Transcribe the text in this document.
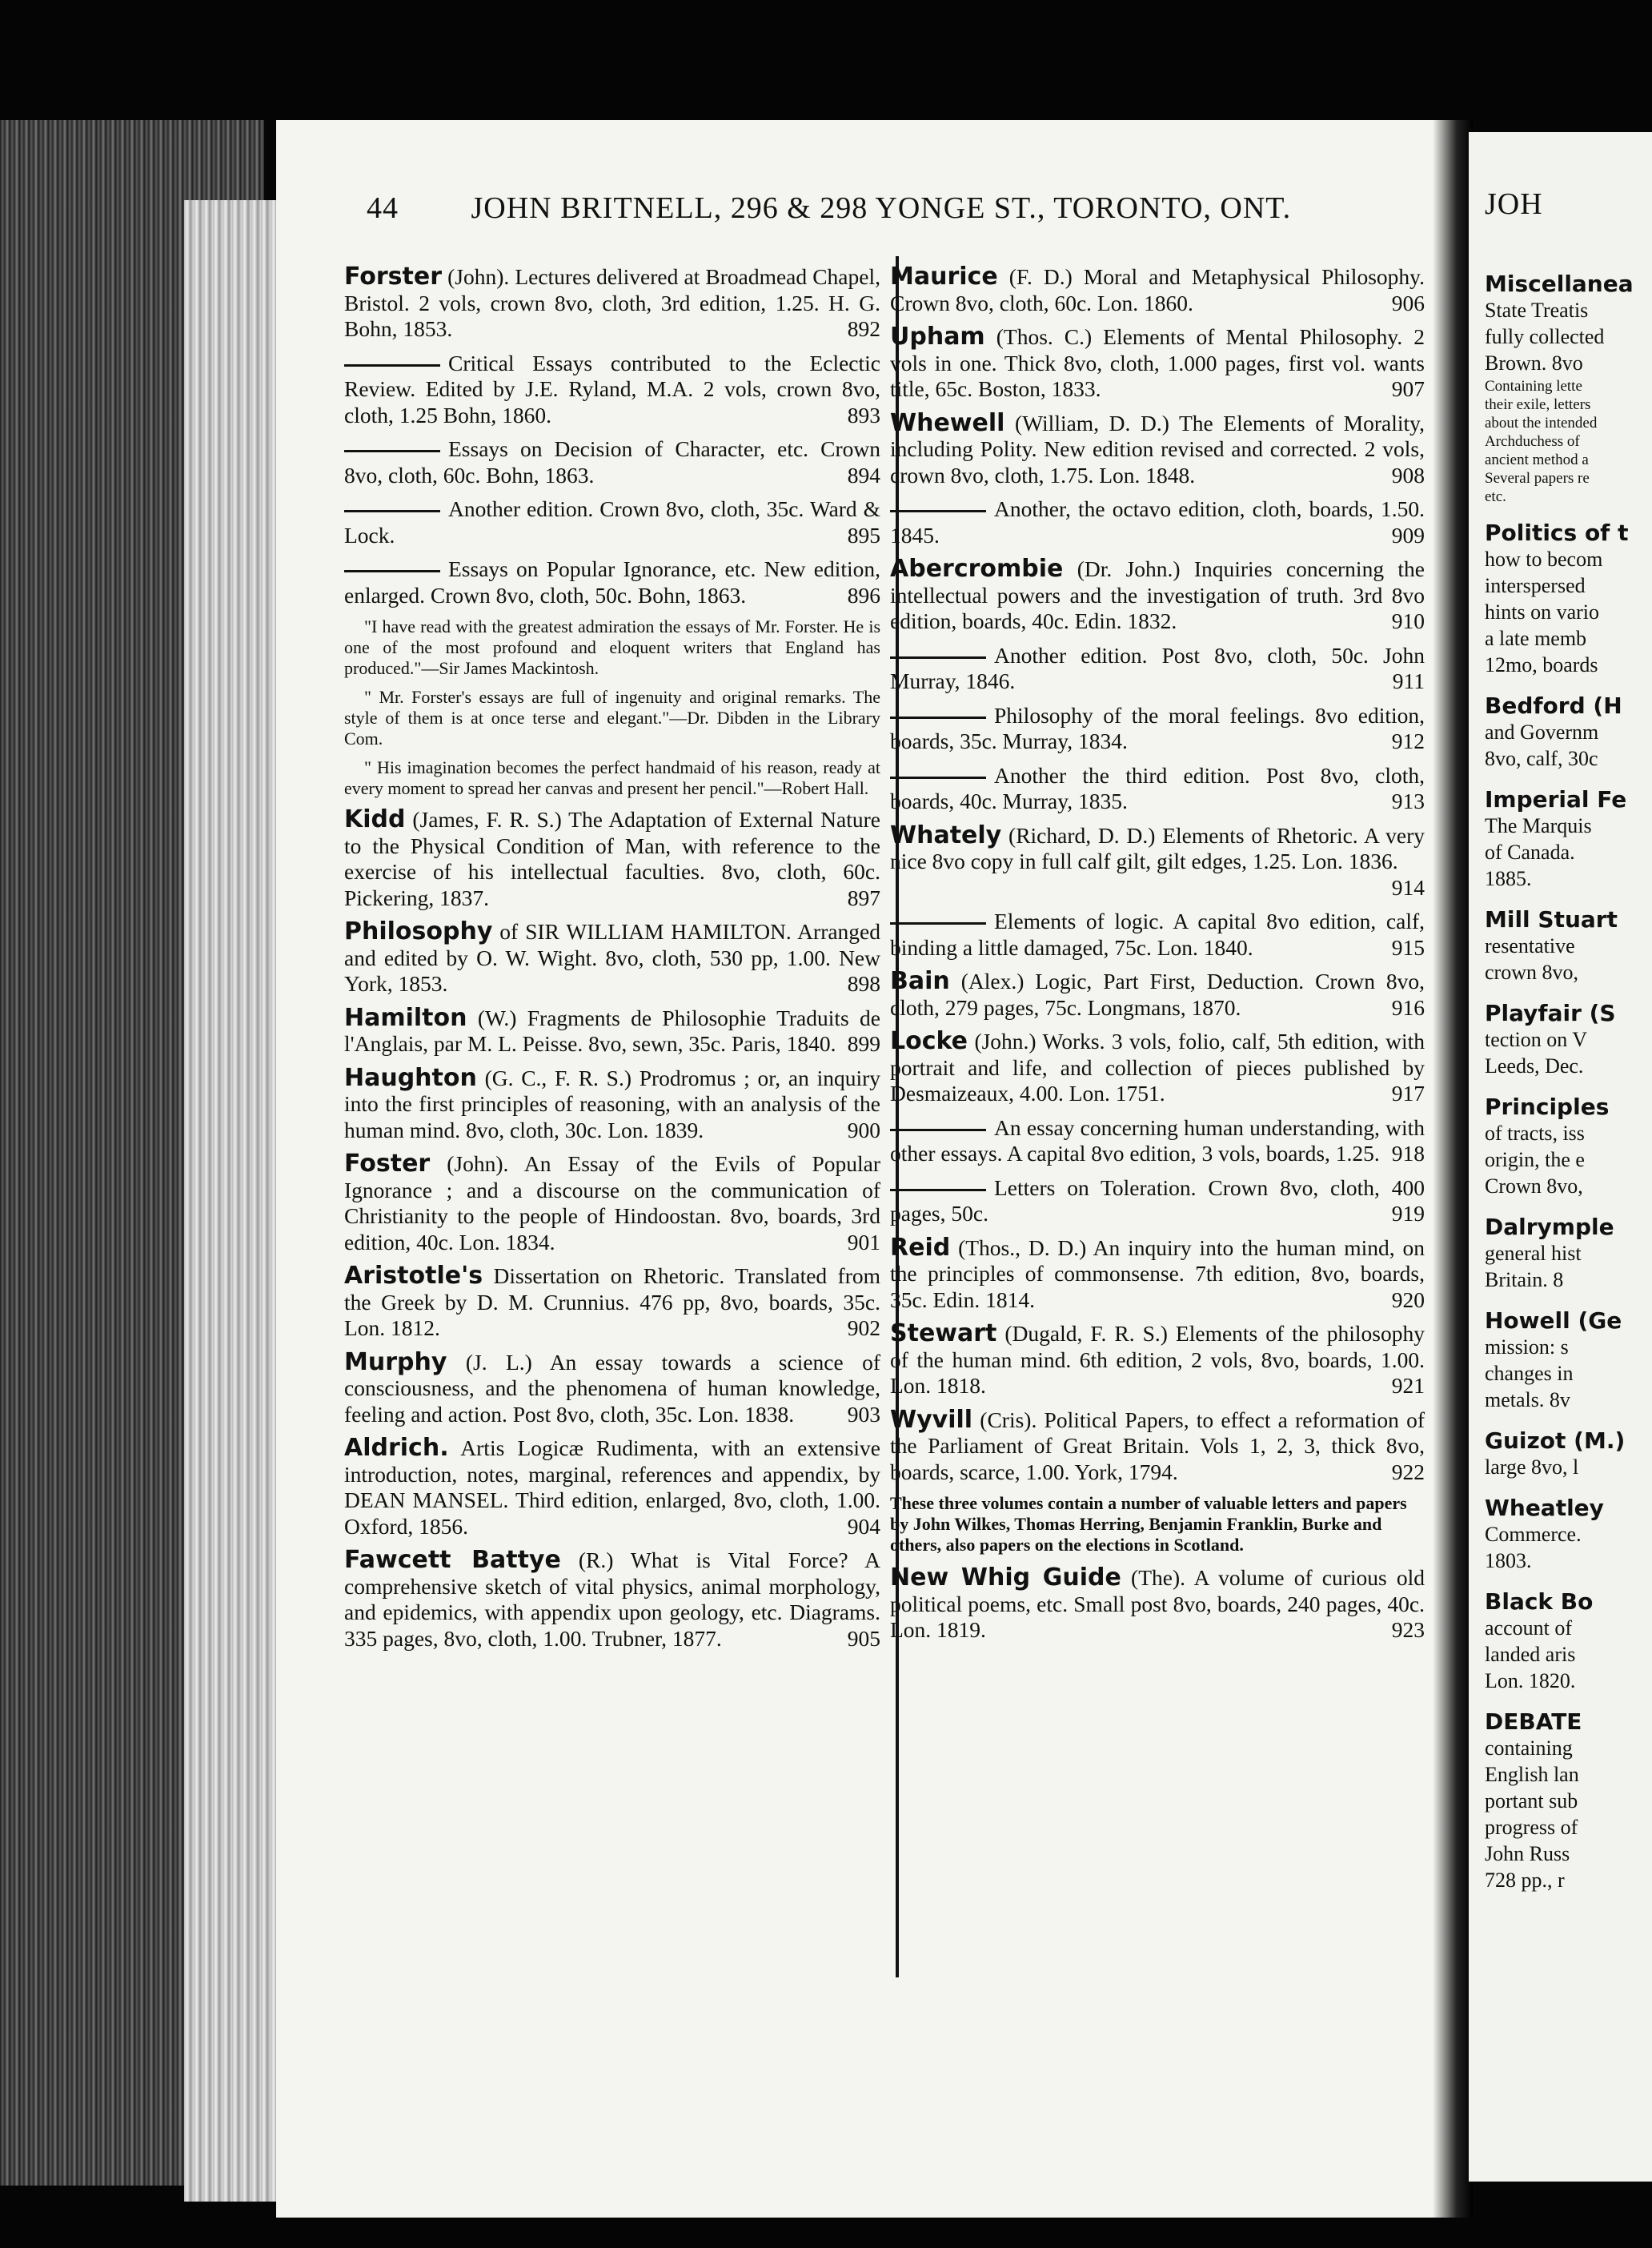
JOH
Miscellanea
State Treatis
fully collected
Brown. 8vo
Containing lette
their exile, letters
about the intended
Archduchess of
ancient method a
Several papers re
etc.
Politics of t
how to becom
interspersed
hints on vario
a late memb
12mo, boards
Bedford (H
and Governm
8vo, calf, 30c
Imperial Fe
The Marquis
of Canada.
1885.
Mill Stuart
resentative
crown 8vo,
Playfair (S
tection on V
Leeds, Dec.
Principles
of tracts, iss
origin, the e
Crown 8vo,
Dalrymple
general hist
Britain. 8
Howell (Ge
mission: s
changes in
metals. 8v
Guizot (M.)
large 8vo, l
Wheatley
Commerce.
1803.
Black Bo
account of
landed aris
Lon. 1820.
DEBATE
containing
English lan
portant sub
progress of
John Russ
728 pp., r
44 JOHN BRITNELL, 296 & 298 YONGE ST., TORONTO, ONT.
Forster (John). Lectures delivered at Broadmead Chapel, Bristol. 2 vols, crown 8vo, cloth, 3rd edition, 1.25. H. G. Bohn, 1853.	892
Critical Essays contributed to the Eclectic Review. Edited by J.E. Ryland, M.A. 2 vols, crown 8vo, cloth, 1.25 Bohn, 1860.	893
Essays on Decision of Character, etc. Crown 8vo, cloth, 60c. Bohn, 1863.	894
Another edition. Crown 8vo, cloth, 35c. Ward & Lock.	895
Essays on Popular Ignorance, etc. New edition, enlarged. Crown 8vo, cloth, 50c. Bohn, 1863.	896
"I have read with the greatest admiration the essays of Mr. Forster. He is one of the most profound and eloquent writers that England has produced."—Sir James Mackintosh.
" Mr. Forster's essays are full of ingenuity and original remarks. The style of them is at once terse and elegant."—Dr. Dibden in the Library Com.
" His imagination becomes the perfect handmaid of his reason, ready at every moment to spread her canvas and present her pencil."—Robert Hall.
Kidd (James, F. R. S.) The Adaptation of External Nature to the Physical Condition of Man, with reference to the exercise of his intellectual faculties. 8vo, cloth, 60c. Pickering, 1837.	897
Philosophy of SIR WILLIAM HAMILTON. Arranged and edited by O. W. Wight. 8vo, cloth, 530 pp, 1.00. New York, 1853.	898
Hamilton (W.) Fragments de Philosophie Traduits de l'Anglais, par M. L. Peisse. 8vo, sewn, 35c. Paris, 1840. 899
Haughton (G. C., F. R. S.) Prodromus ; or, an inquiry into the first principles of reasoning, with an analysis of the human mind. 8vo, cloth, 30c. Lon. 1839.	900
Foster (John). An Essay of the Evils of Popular Ignorance ; and a discourse on the communication of Christianity to the people of Hindoostan. 8vo, boards, 3rd edition, 40c. Lon. 1834.	901
Aristotle's Dissertation on Rhetoric. Translated from the Greek by D. M. Crunnius. 476 pp, 8vo, boards, 35c. Lon. 1812.	902
Murphy (J. L.) An essay towards a science of consciousness, and the phenomena of human knowledge, feeling and action. Post 8vo, cloth, 35c. Lon. 1838. 903
Aldrich. Artis Logicæ Rudimenta, with an extensive introduction, notes, marginal, references and appendix, by DEAN MANSEL. Third edition, enlarged, 8vo, cloth, 1.00. Oxford, 1856.	904
Fawcett Battye (R.) What is Vital Force? A comprehensive sketch of vital physics, animal morphology, and epidemics, with appendix upon geology, etc. Diagrams. 335 pages, 8vo, cloth, 1.00. Trubner, 1877.	905
Maurice (F. D.) Moral and Metaphysical Philosophy. Crown 8vo, cloth, 60c. Lon. 1860.	906
Upham (Thos. C.) Elements of Mental Philosophy. 2 vols in one. Thick 8vo, cloth, 1.000 pages, first vol. wants title, 65c. Boston, 1833.	907
Whewell (William, D. D.) The Elements of Morality, including Polity. New edition revised and corrected. 2 vols, crown 8vo, cloth, 1.75. Lon. 1848.	908
Another, the octavo edition, cloth, boards, 1.50. 1845.	909
Abercrombie (Dr. John.) Inquiries concerning the intellectual powers and the investigation of truth. 3rd 8vo edition, boards, 40c. Edin. 1832.	910
Another edition. Post 8vo, cloth, 50c. John Murray, 1846.	911
Philosophy of the moral feelings. 8vo edition, boards, 35c. Murray, 1834.	912
Another the third edition. Post 8vo, cloth, boards, 40c. Murray, 1835.	913
Whately (Richard, D. D.) Elements of Rhetoric. A very nice 8vo copy in full calf gilt, gilt edges, 1.25. Lon. 1836.
914
Elements of logic. A capital 8vo edition, calf, binding a little damaged, 75c. Lon. 1840.	915
Bain (Alex.) Logic, Part First, Deduction. Crown 8vo, cloth, 279 pages, 75c. Longmans, 1870.	916
Locke (John.) Works. 3 vols, folio, calf, 5th edition, with portrait and life, and collection of pieces published by Desmaizeaux, 4.00. Lon. 1751.	917
An essay concerning human understanding, with other essays. A capital 8vo edition, 3 vols, boards, 1.25. 918
Letters on Toleration. Crown 8vo, cloth, 400 pages, 50c.	919
Reid (Thos., D. D.) An inquiry into the human mind, on the principles of commonsense. 7th edition, 8vo, boards, 35c. Edin. 1814.	920
Stewart (Dugald, F. R. S.) Elements of the philosophy of the human mind. 6th edition, 2 vols, 8vo, boards, 1.00. Lon. 1818.	921
Wyvill (Cris). Political Papers, to effect a reformation of the Parliament of Great Britain. Vols 1, 2, 3, thick 8vo, boards, scarce, 1.00. York, 1794.	922
These three volumes contain a number of valuable letters and papers by John Wilkes, Thomas Herring, Benjamin Franklin, Burke and others, also papers on the elections in Scotland.
New Whig Guide (The). A volume of curious old political poems, etc. Small post 8vo, boards, 240 pages, 40c. Lon. 1819.	923
